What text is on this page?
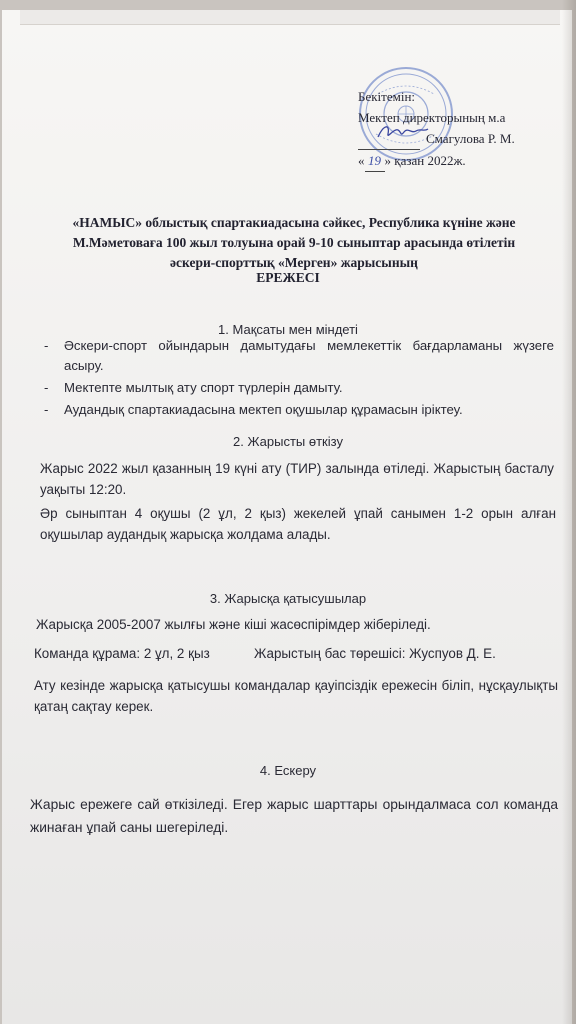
Бекітемін:
Мектеп директорының м.а
Смагулова Р. М.
« 19 » қазан 2022ж.
«НАМЫС» облыстық спартакиадасына сәйкес, Республика күніне және
М.Мәметоваға 100 жыл толуына орай 9-10 сыныптар арасында өтілетін
әскери-спорттық «Мерген» жарысының
ЕРЕЖЕСІ
1. Мақсаты мен міндеті
- Әскери-спорт ойындарын дамытудағы мемлекеттік бағдарламаны жүзеге асыру.
- Мектепте мылтық ату спорт түрлерін дамыту.
- Аудандық спартакиадасына мектеп оқушылар құрамасын іріктеу.
2. Жарысты өткізу
Жарыс 2022 жыл қазанның 19 күні ату (ТИР) залында өтіледі. Жарыстың басталу уақыты 12:20.
Әр сыныптан 4 оқушы (2 ұл, 2 қыз) жекелей ұпай санымен 1-2 орын алған оқушылар аудандық жарысқа жолдама алады.
3. Жарысқа қатысушылар
Жарысқа 2005-2007 жылғы және кіші жасөспірімдер жіберіледі.
Команда құрама: 2 ұл, 2 қыз	Жарыстың бас төрешісі: Жуспуов Д. Е.
Ату кезінде жарысқа қатысушы командалар қауіпсіздік ережесін біліп, нұсқаулықты қатаң сақтау керек.
4. Ескеру
Жарыс ережеге сай өткізіледі. Егер жарыс шарттары орындалмаса сол команда жинаған ұпай саны шегеріледі.
